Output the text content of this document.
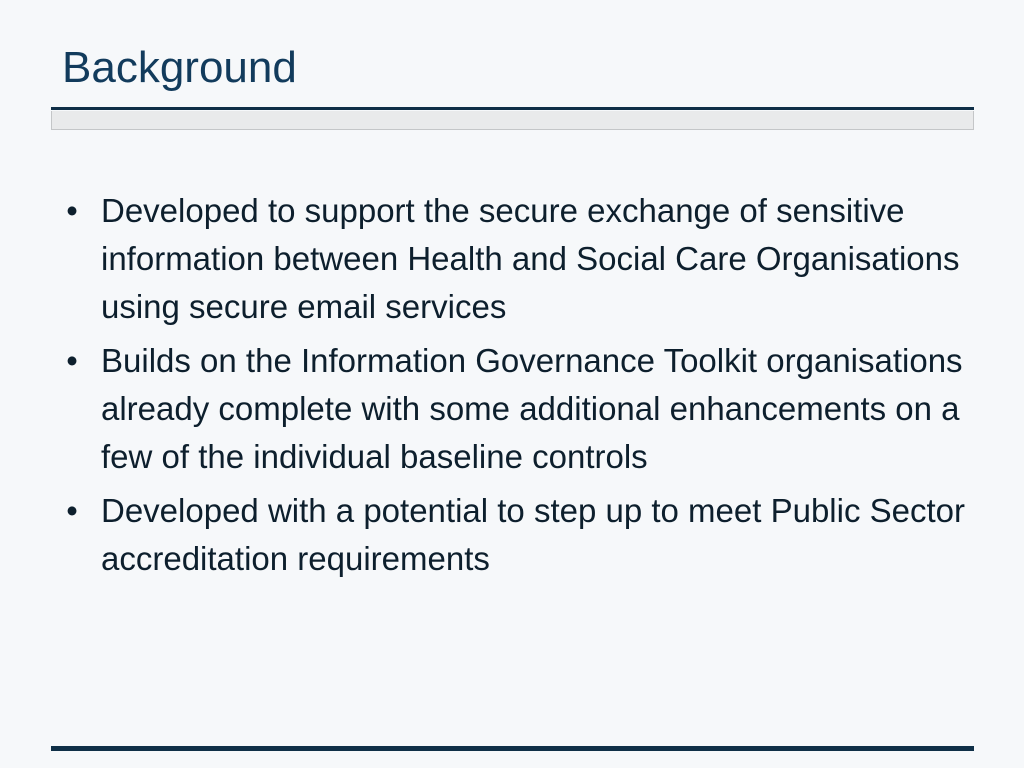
Background
• Developed to support the secure exchange of sensitive information between Health and Social Care Organisations using secure email services
• Builds on the Information Governance Toolkit organisations already complete with some additional enhancements on a few of the individual baseline controls
• Developed with a potential to step up to meet Public Sector accreditation requirements
